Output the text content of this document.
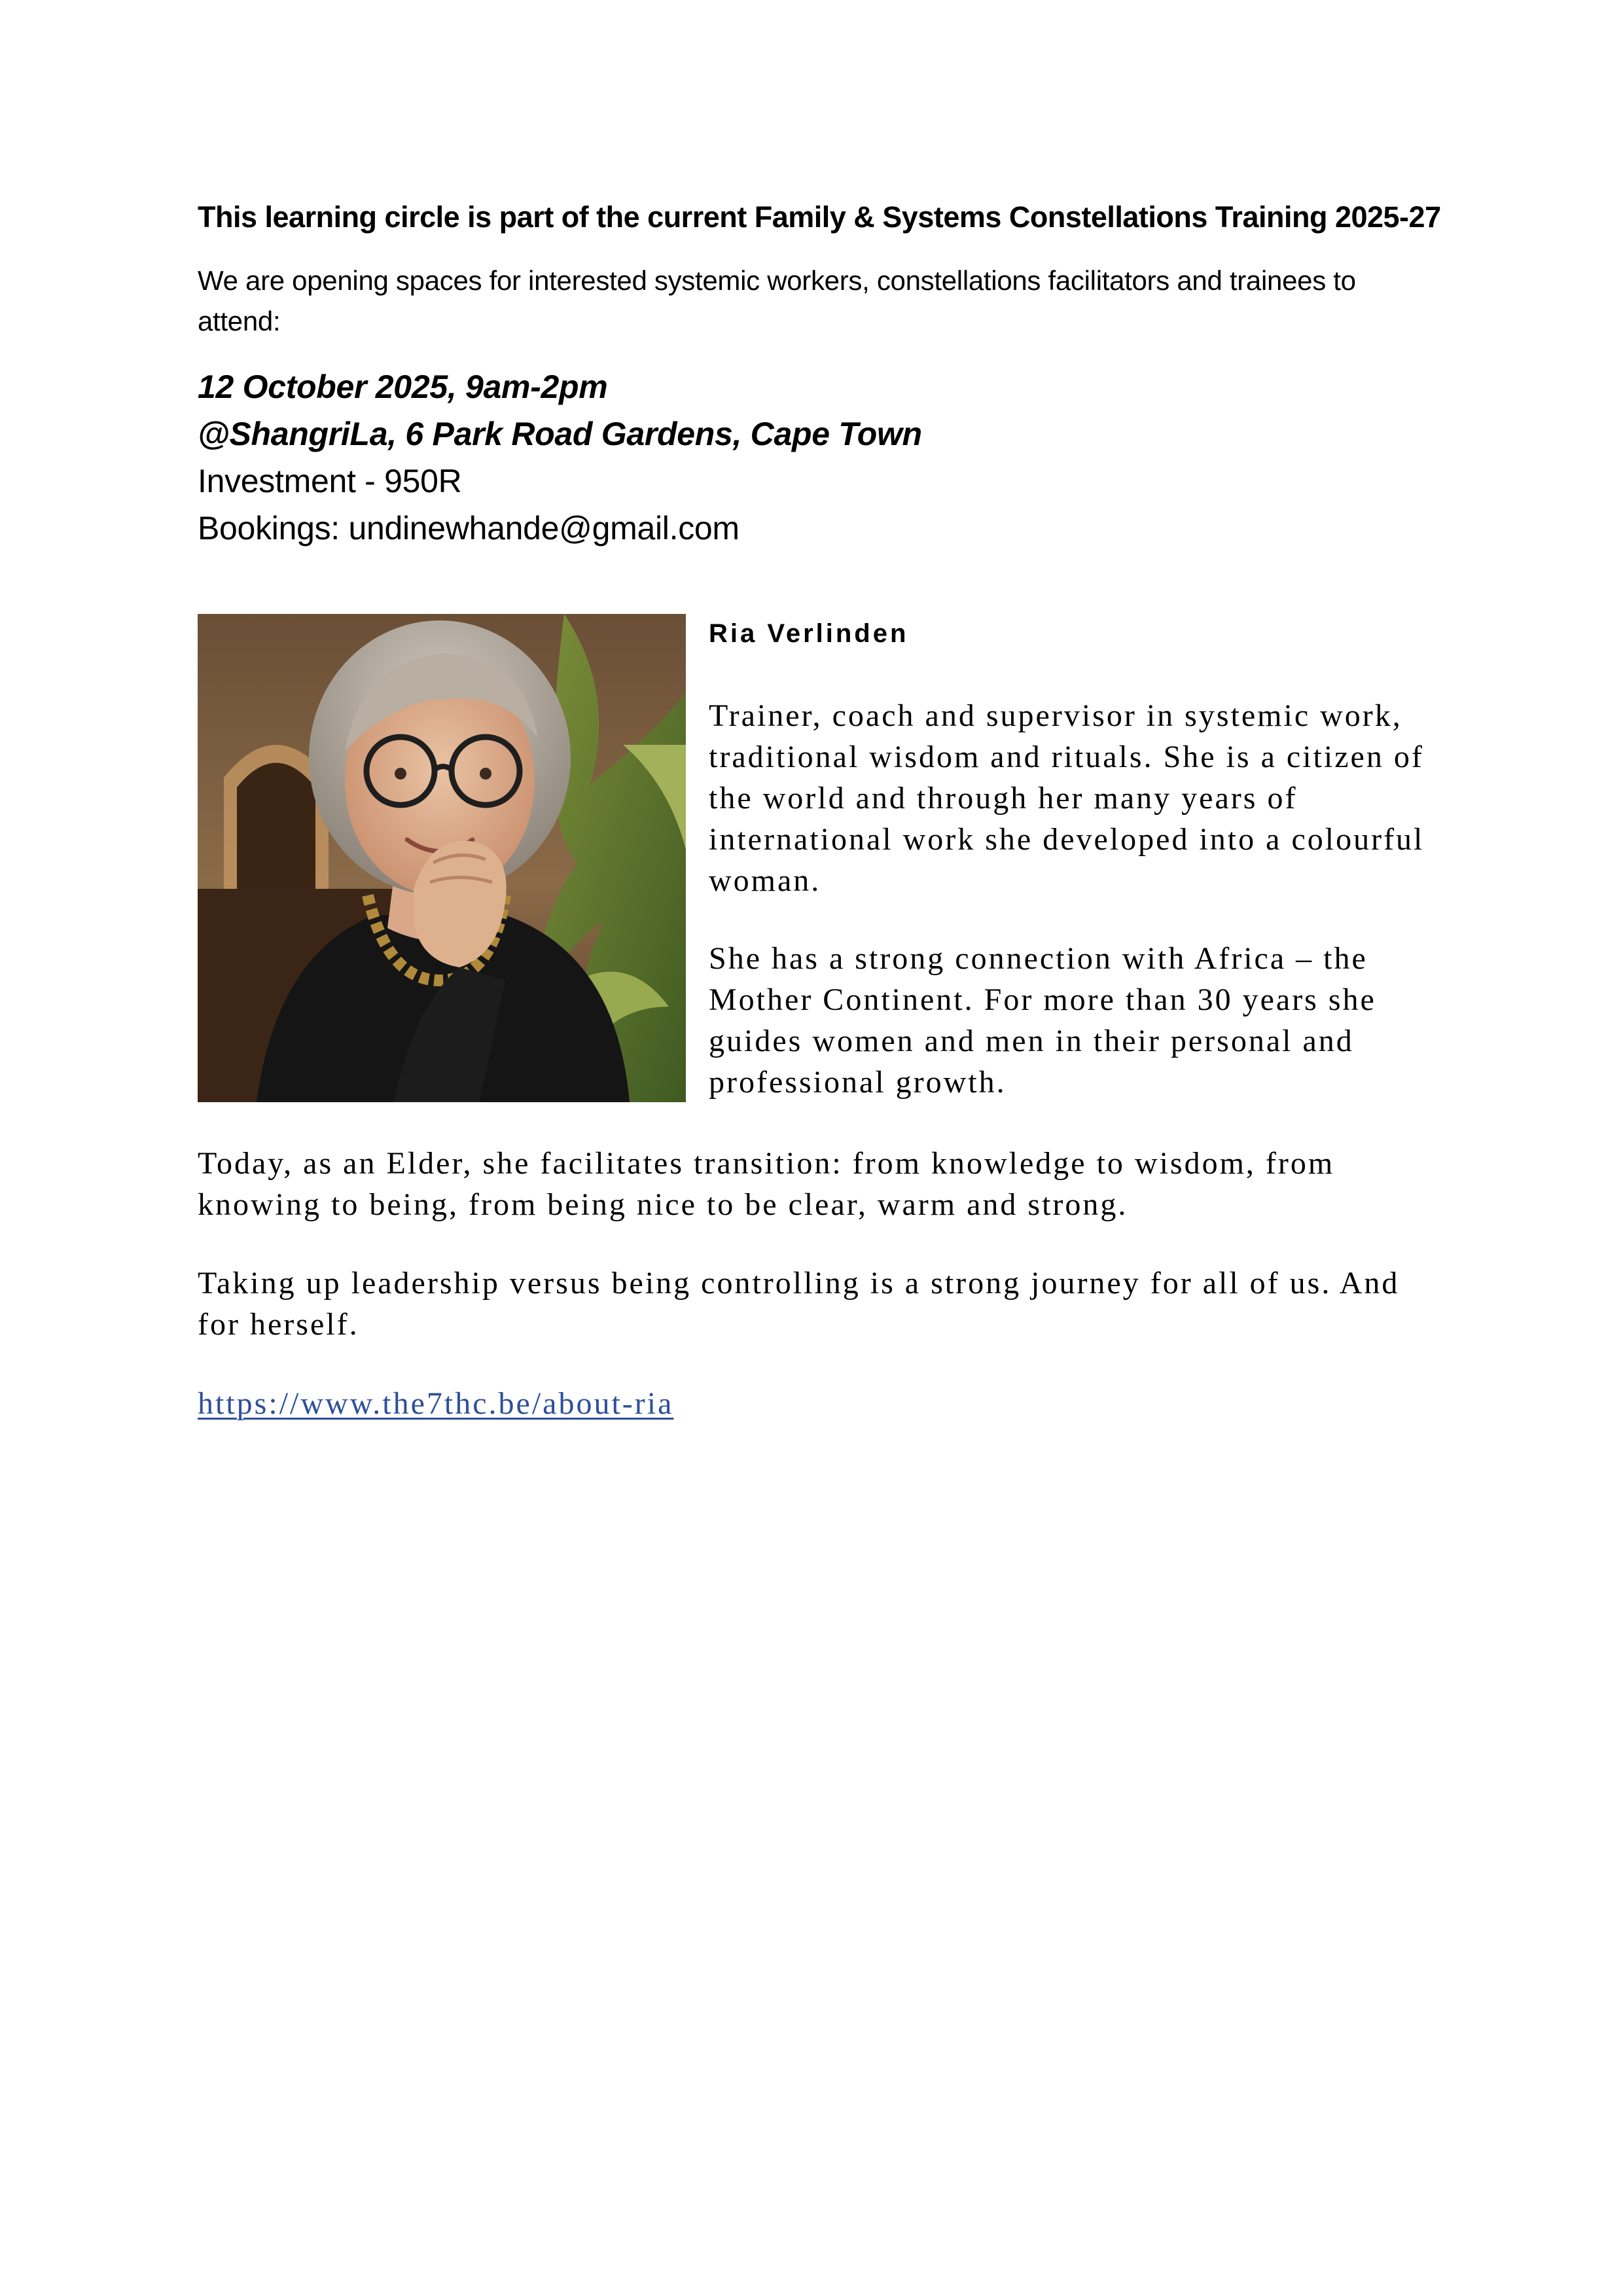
This learning circle is part of the current Family & Systems Constellations Training 2025-27
We are opening spaces for interested systemic workers, constellations facilitators and trainees to attend:
12 October 2025, 9am-2pm
@ShangriLa, 6 Park Road Gardens, Cape Town
Investment - 950R
Bookings: undinewhande@gmail.com
Ria Verlinden
Trainer, coach and supervisor in systemic work, traditional wisdom and rituals. She is a citizen of the world and through her many years of international work she developed into a colourful woman.
She has a strong connection with Africa – the Mother Continent. For more than 30 years she guides women and men in their personal and professional growth.
Today, as an Elder, she facilitates transition: from knowledge to wisdom, from knowing to being, from being nice to be clear, warm and strong.
Taking up leadership versus being controlling is a strong journey for all of us. And for herself.
https://www.the7thc.be/about-ria
